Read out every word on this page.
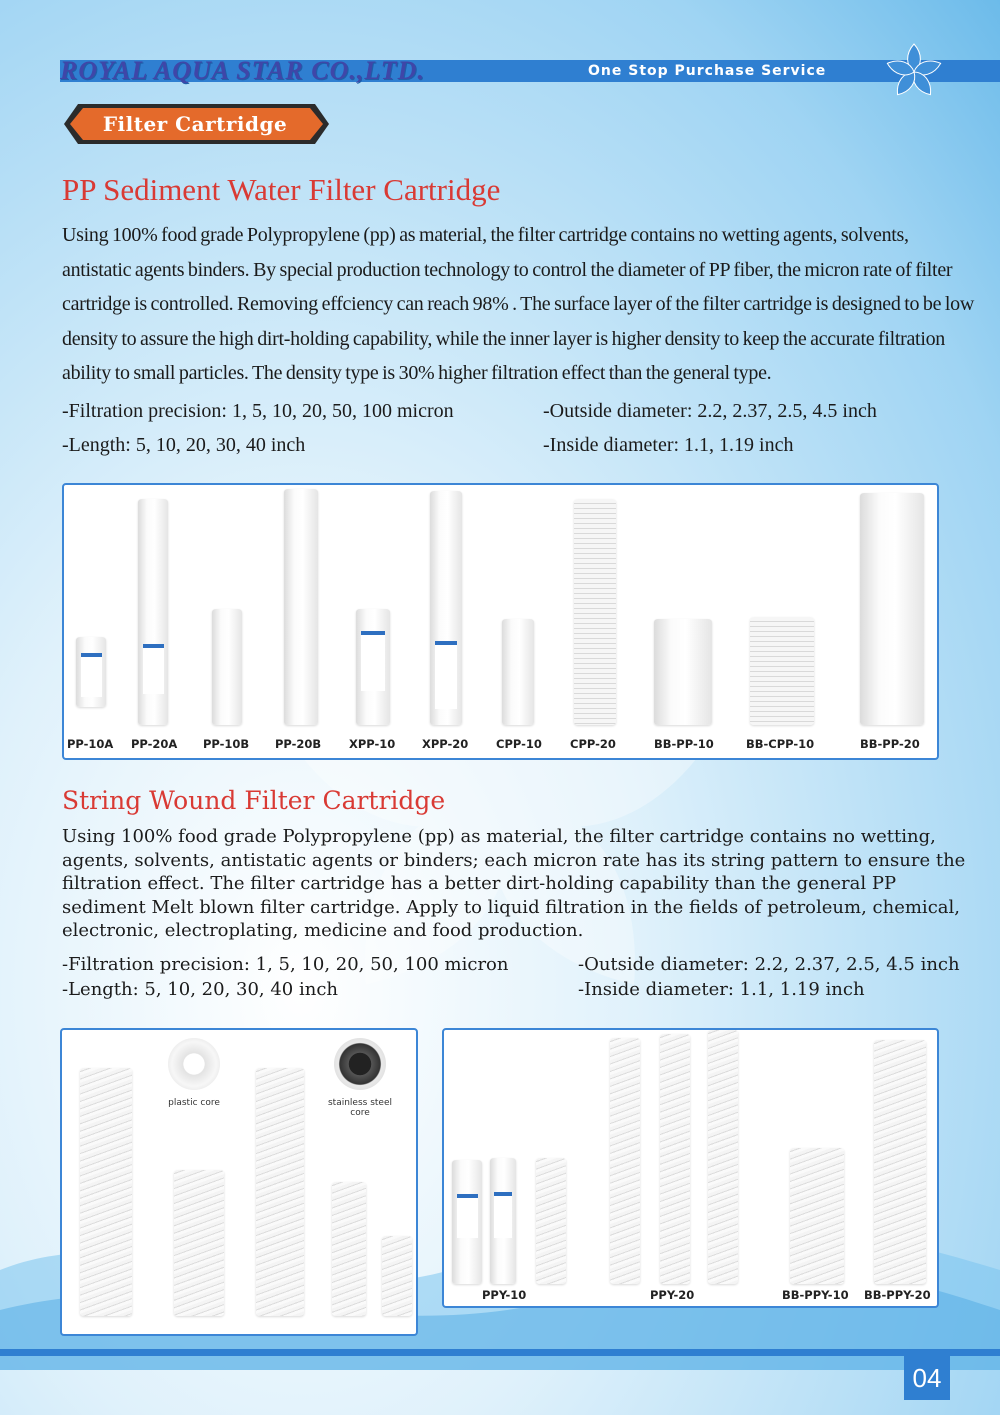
ROYAL AQUA STAR CO.,LTD.	One Stop Purchase Service
Filter Cartridge
PP Sediment Water Filter Cartridge
Using 100% food grade Polypropylene (pp) as material, the filter cartridge contains no wetting agents, solvents, antistatic agents binders. By special production technology to control the diameter of PP fiber, the micron rate of filter cartridge is controlled. Removing effciency can reach 98% . The surface layer of the filter cartridge is designed to be low density to assure the high dirt-holding capability, while the inner layer is higher density to keep the accurate filtration ability to small particles. The density type is 30% higher filtration effect than the general type.
-Filtration precision: 1, 5, 10, 20, 50, 100 micron
-Length: 5, 10, 20, 30, 40 inch
-Outside diameter: 2.2, 2.37, 2.5, 4.5 inch
-Inside diameter: 1.1, 1.19 inch
PP-10A PP-20A PP-10B PP-20B XPP-10 XPP-20 CPP-10 CPP-20	BB-PP-10	BB-CPP-10	BB-PP-20
String Wound Filter Cartridge
Using 100% food grade Polypropylene (pp) as material, the filter cartridge contains no wetting, agents, solvents, antistatic agents or binders; each micron rate has its string pattern to ensure the filtration effect. The filter cartridge has a better dirt-holding capability than the general PP sediment Melt blown filter cartridge. Apply to liquid filtration in the fields of petroleum, chemical, electronic, electroplating, medicine and food production.
-Filtration precision: 1, 5, 10, 20, 50, 100 micron
-Length: 5, 10, 20, 30, 40 inch
-Outside diameter: 2.2, 2.37, 2.5, 4.5 inch
-Inside diameter: 1.1, 1.19 inch
plastic core	stainless steel core
PPY-10	PPY-20	BB-PPY-10 BB-PPY-20
04
